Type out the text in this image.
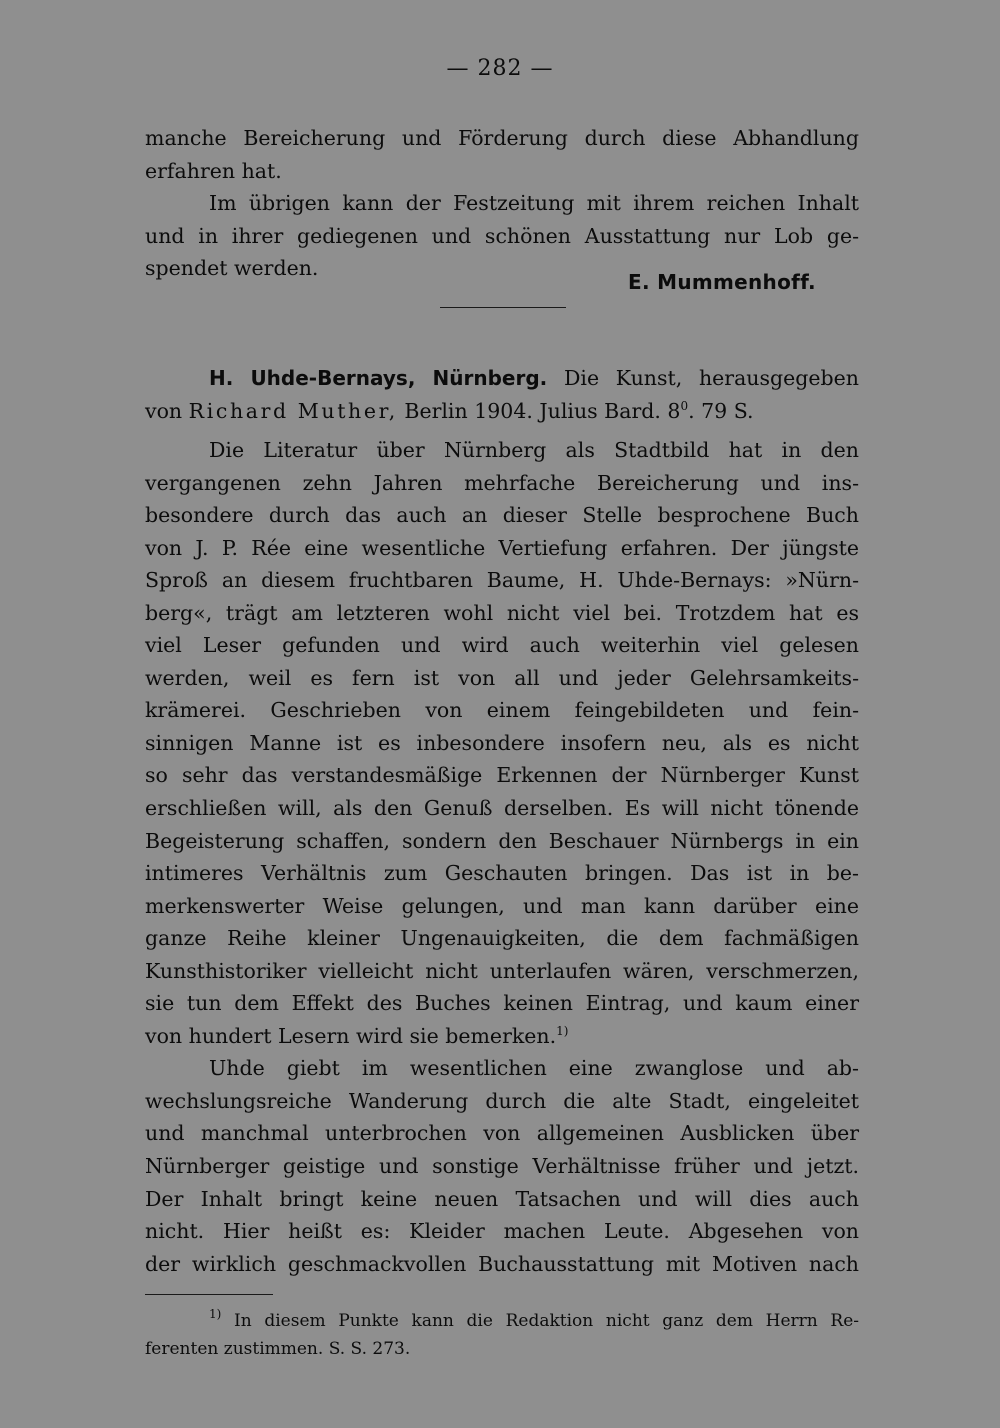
— 282 —
manche Bereicherung und Förderung durch diese Abhandlung
erfahren hat.
Im übrigen kann der Festzeitung mit ihrem reichen Inhalt
und in ihrer gediegenen und schönen Ausstattung nur Lob ge-
spendet werden.
E. Mummenhoff.
H. Uhde-Bernays, Nürnberg. Die Kunst, herausgegeben
von Richard Muther, Berlin 1904. Julius Bard. $8^0$. 79 S.
Die Literatur über Nürnberg als Stadtbild hat in den
vergangenen zehn Jahren mehrfache Bereicherung und ins-
besondere durch das auch an dieser Stelle besprochene Buch
von J. P. Rée eine wesentliche Vertiefung erfahren. Der jüngste
Sproß an diesem fruchtbaren Baume, H. Uhde-Bernays: »Nürn-
berg«, trägt am letzteren wohl nicht viel bei. Trotzdem hat es
viel Leser gefunden und wird auch weiterhin viel gelesen
werden, weil es fern ist von all und jeder Gelehrsamkeits-
krämerei. Geschrieben von einem feingebildeten und fein-
sinnigen Manne ist es inbesondere insofern neu, als es nicht
so sehr das verstandesmäßige Erkennen der Nürnberger Kunst
erschließen will, als den Genuß derselben. Es will nicht tönende
Begeisterung schaffen, sondern den Beschauer Nürnbergs in ein
intimeres Verhältnis zum Geschauten bringen. Das ist in be-
merkenswerter Weise gelungen, und man kann darüber eine
ganze Reihe kleiner Ungenauigkeiten, die dem fachmäßigen
Kunsthistoriker vielleicht nicht unterlaufen wären, verschmerzen,
sie tun dem Effekt des Buches keinen Eintrag, und kaum einer
von hundert Lesern wird sie bemerken.$^{1)}$
Uhde giebt im wesentlichen eine zwanglose und ab-
wechslungsreiche Wanderung durch die alte Stadt, eingeleitet
und manchmal unterbrochen von allgemeinen Ausblicken über
Nürnberger geistige und sonstige Verhältnisse früher und jetzt.
Der Inhalt bringt keine neuen Tatsachen und will dies auch
nicht. Hier heißt es: Kleider machen Leute. Abgesehen von
der wirklich geschmackvollen Buchausstattung mit Motiven nach
$^{1)}$ In diesem Punkte kann die Redaktion nicht ganz dem Herrn Re-
ferenten zustimmen. S. S. 273.
